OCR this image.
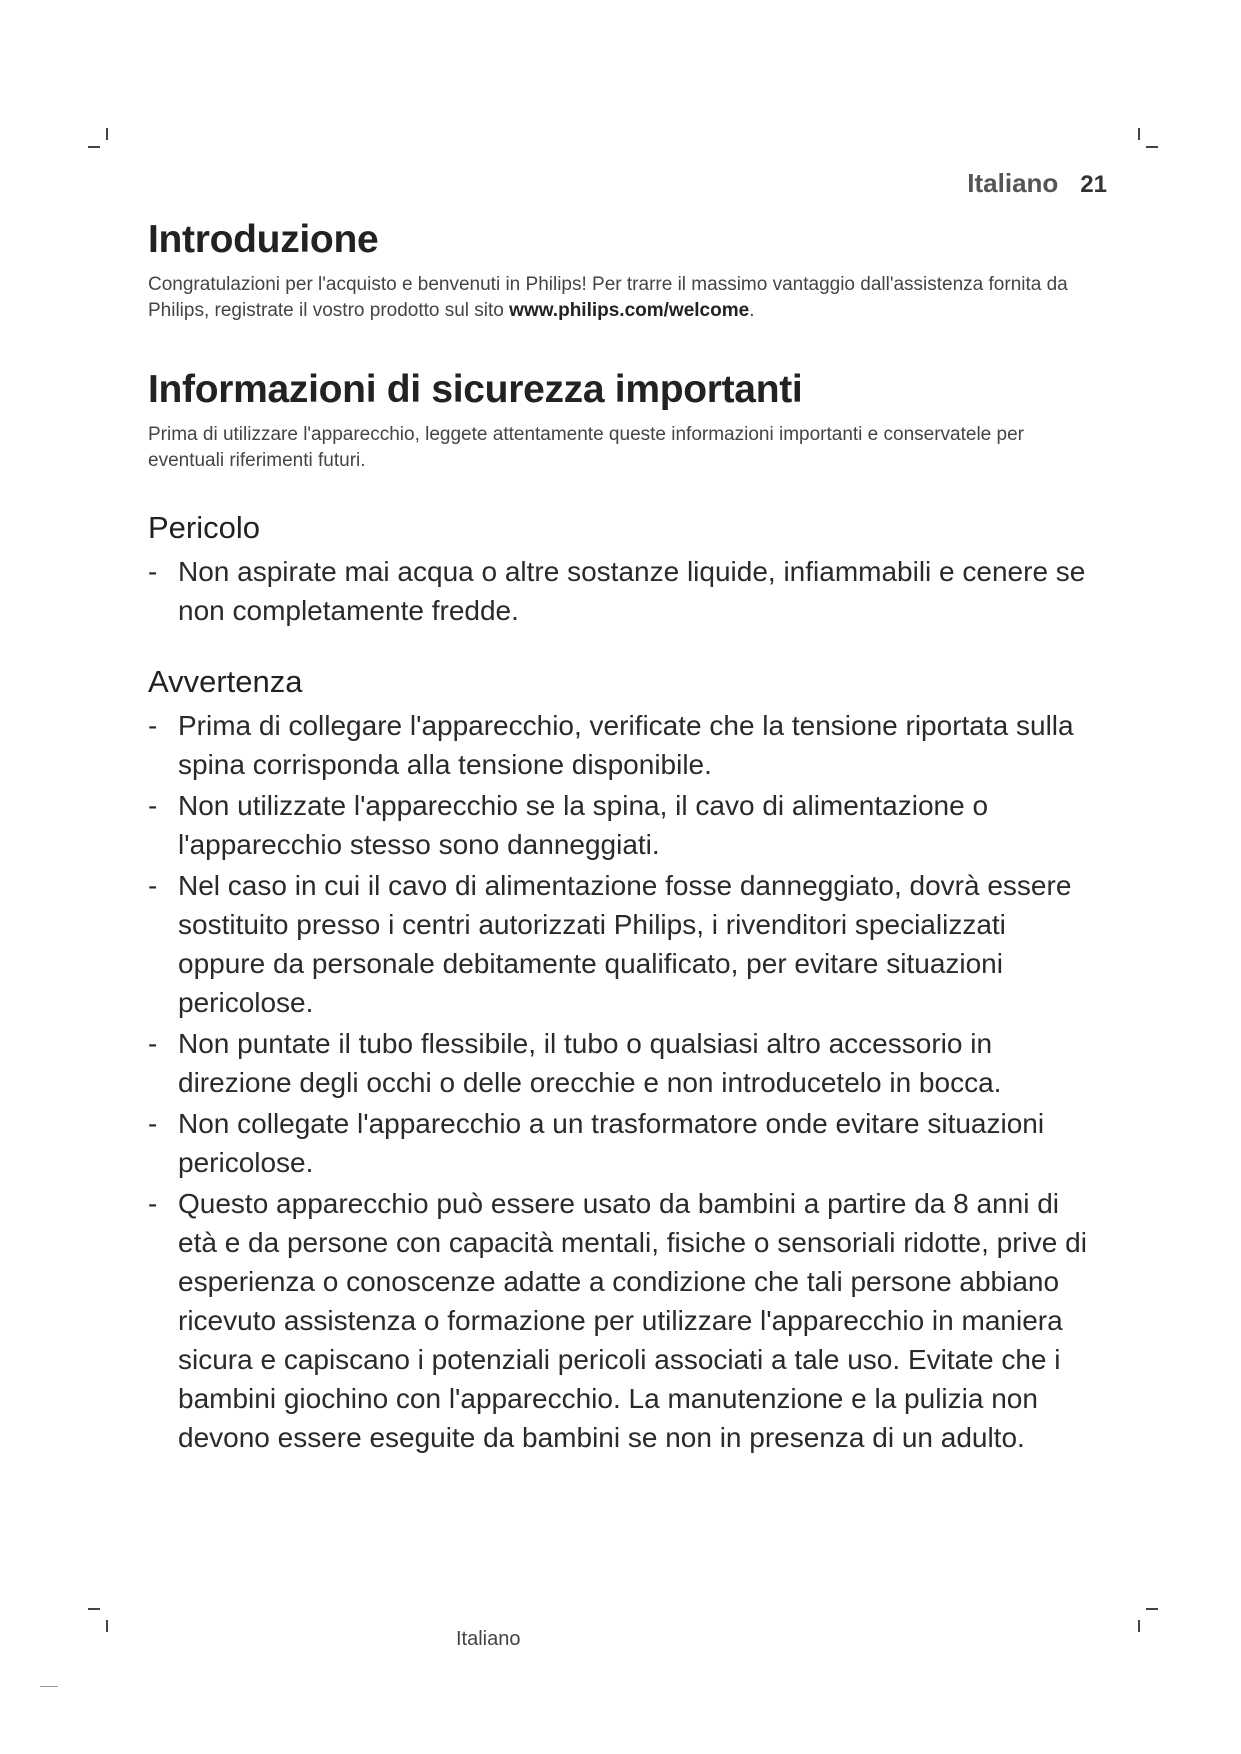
Italiano 21
Introduzione

Congratulazioni per l'acquisto e benvenuti in Philips! Per trarre il massimo vantaggio dall'assistenza fornita da Philips, registrate il vostro prodotto sul sito www.philips.com/welcome.

Informazioni di sicurezza importanti

Prima di utilizzare l'apparecchio, leggete attentamente queste informazioni importanti e conservatele per eventuali riferimenti futuri.

Pericolo
- Non aspirate mai acqua o altre sostanze liquide, infiammabili e cenere se non completamente fredde.
Avvertenza
- Prima di collegare l'apparecchio, verificate che la tensione riportata sulla spina corrisponda alla tensione disponibile.
- Non utilizzate l'apparecchio se la spina, il cavo di alimentazione o l'apparecchio stesso sono danneggiati.
- Nel caso in cui il cavo di alimentazione fosse danneggiato, dovrà essere sostituito presso i centri autorizzati Philips, i rivenditori specializzati oppure da personale debitamente qualificato, per evitare situazioni pericolose.
- Non puntate il tubo flessibile, il tubo o qualsiasi altro accessorio in direzione degli occhi o delle orecchie e non introducetelo in bocca.
- Non collegate l'apparecchio a un trasformatore onde evitare situazioni pericolose.
- Questo apparecchio può essere usato da bambini a partire da 8 anni di età e da persone con capacità mentali, fisiche o sensoriali ridotte, prive di esperienza o conoscenze adatte a condizione che tali persone abbiano ricevuto assistenza o formazione per utilizzare l'apparecchio in maniera sicura e capiscano i potenziali pericoli associati a tale uso. Evitate che i bambini giochino con l'apparecchio. La manutenzione e la pulizia non devono essere eseguite da bambini se non in presenza di un adulto.
Italiano
